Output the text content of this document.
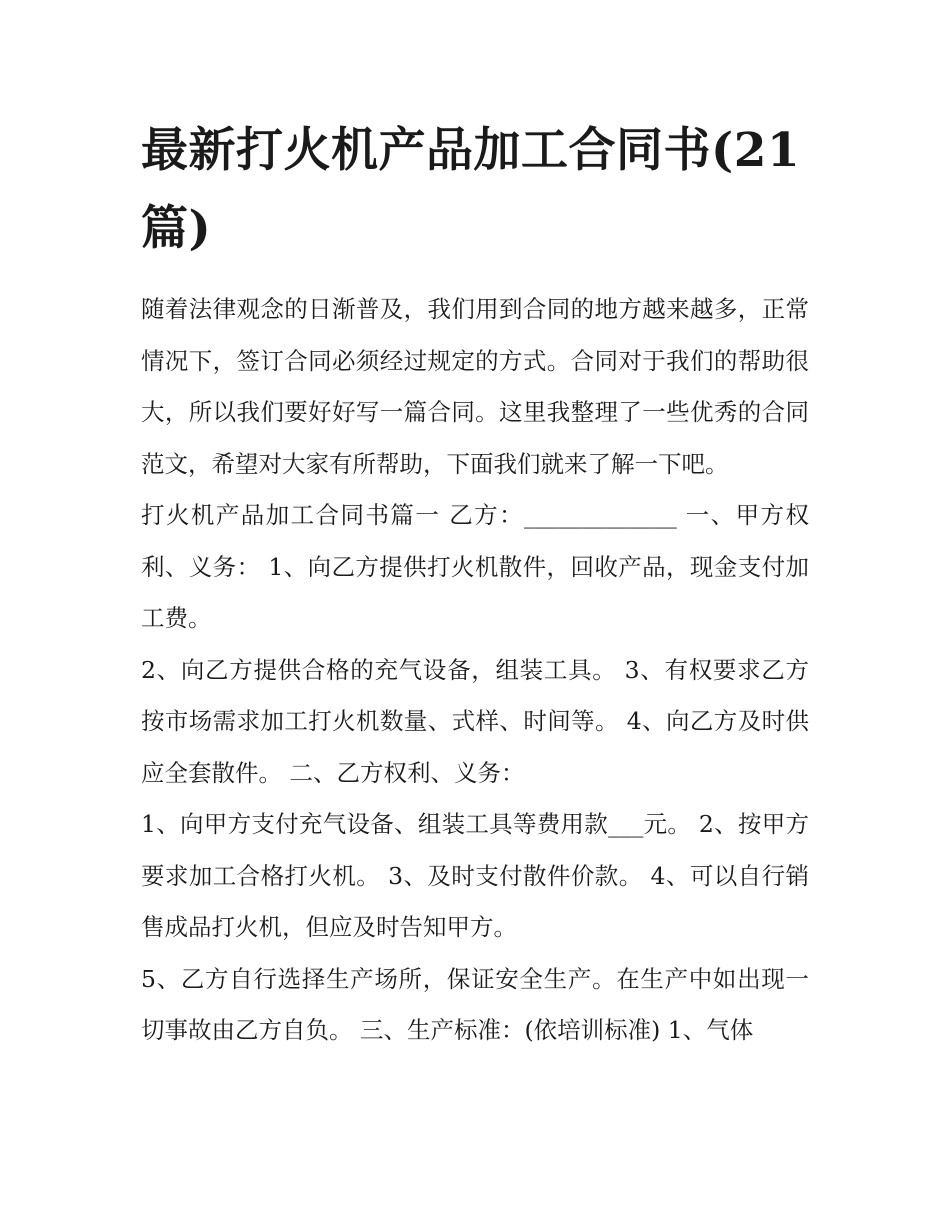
最新打火机产品加工合同书(21篇)

随着法律观念的日渐普及，我们用到合同的地方越来越多，正常情况下，签订合同必须经过规定的方式。合同对于我们的帮助很大，所以我们要好好写一篇合同。这里我整理了一些优秀的合同范文，希望对大家有所帮助，下面我们就来了解一下吧。

打火机产品加工合同书篇一 乙方：_____________ 一、甲方权利、义务： 1、向乙方提供打火机散件，回收产品，现金支付加工费。

2、向乙方提供合格的充气设备，组装工具。 3、有权要求乙方按市场需求加工打火机数量、式样、时间等。 4、向乙方及时供应全套散件。 二、乙方权利、义务：

1、向甲方支付充气设备、组装工具等费用款___元。 2、按甲方要求加工合格打火机。 3、及时支付散件价款。 4、可以自行销售成品打火机，但应及时告知甲方。

5、乙方自行选择生产场所，保证安全生产。在生产中如出现一切事故由乙方自负。 三、生产标准：(依培训标准) 1、气体
